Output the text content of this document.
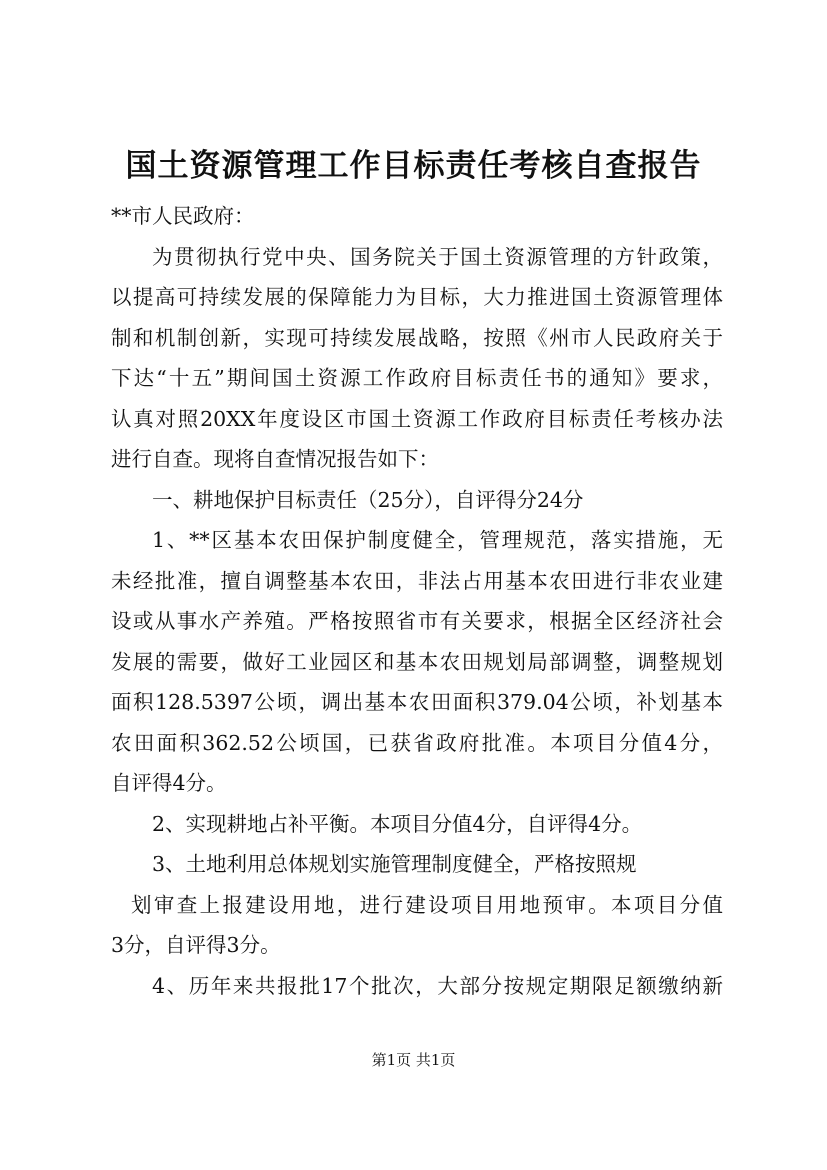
国土资源管理工作目标责任考核自查报告
**市人民政府：
为贯彻执行党中央、国务院关于国土资源管理的方针政策，
以提高可持续发展的保障能力为目标，大力推进国土资源管理体
制和机制创新，实现可持续发展战略，按照《州市人民政府关于
下达“十五”期间国土资源工作政府目标责任书的通知》要求，
认真对照20XX年度设区市国土资源工作政府目标责任考核办法
进行自查。现将自查情况报告如下：
一、耕地保护目标责任（25分），自评得分24分
1、**区基本农田保护制度健全，管理规范，落实措施，无
未经批准，擅自调整基本农田，非法占用基本农田进行非农业建
设或从事水产养殖。严格按照省市有关要求，根据全区经济社会
发展的需要，做好工业园区和基本农田规划局部调整，调整规划
面积128.5397公顷，调出基本农田面积379.04公顷，补划基本
农田面积362.52公顷国，已获省政府批准。本项目分值4分，
自评得4分。
2、实现耕地占补平衡。本项目分值4分，自评得4分。
3、土地利用总体规划实施管理制度健全，严格按照规
划审查上报建设用地，进行建设项目用地预审。本项目分值
3分，自评得3分。
4、历年来共报批17个批次，大部分按规定期限足额缴纳新
第1页 共1页
